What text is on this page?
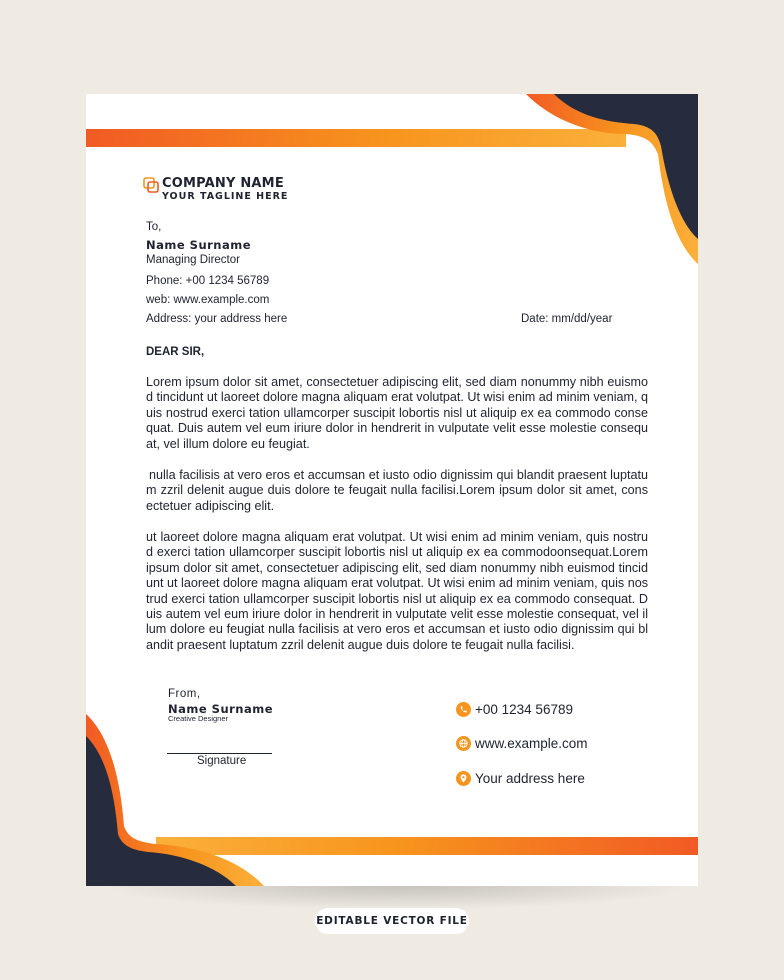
COMPANY NAME
YOUR TAGLINE HERE
To,
Name Surname
Managing Director
Phone: +00 1234 56789
web: www.example.com
Address: your address here	Date: mm/dd/year
DEAR SIR,
Lorem ipsum dolor sit amet, consectetuer adipiscing elit, sed diam nonummy nibh euismod tincidunt ut laoreet dolore magna aliquam erat volutpat. Ut wisi enim ad minim veniam, quis nostrud exerci tation ullamcorper suscipit lobortis nisl ut aliquip ex ea commodo consequat. Duis autem vel eum iriure dolor in hendrerit in vulputate velit esse molestie consequat, vel illum dolore eu feugiat.
nulla facilisis at vero eros et accumsan et iusto odio dignissim qui blandit praesent luptatum zzril delenit augue duis dolore te feugait nulla facilisi.Lorem ipsum dolor sit amet, cons ectetuer adipiscing elit.
ut laoreet dolore magna aliquam erat volutpat. Ut wisi enim ad minim veniam, quis nostrud exerci tation ullamcorper suscipit lobortis nisl ut aliquip ex ea commodoonsequat.Lorem ipsum dolor sit amet, consectetuer adipiscing elit, sed diam nonummy nibh euismod tincidunt ut laoreet dolore magna aliquam erat volutpat. Ut wisi enim ad minim veniam, quis nostrud exerci tation ullamcorper suscipit lobortis nisl ut aliquip ex ea commodo consequat. Duis autem vel eum iriure dolor in hendrerit in vulputate velit esse molestie consequat, vel illum dolore eu feugiat nulla facilisis at vero eros et accumsan et iusto odio dignissim qui blandit praesent luptatum zzril delenit augue duis dolore te feugait nulla facilisi.
From,
Name Surname
Creative Designer
Signature
+00 1234 56789
www.example.com
Your address here
EDITABLE VECTOR FILE
